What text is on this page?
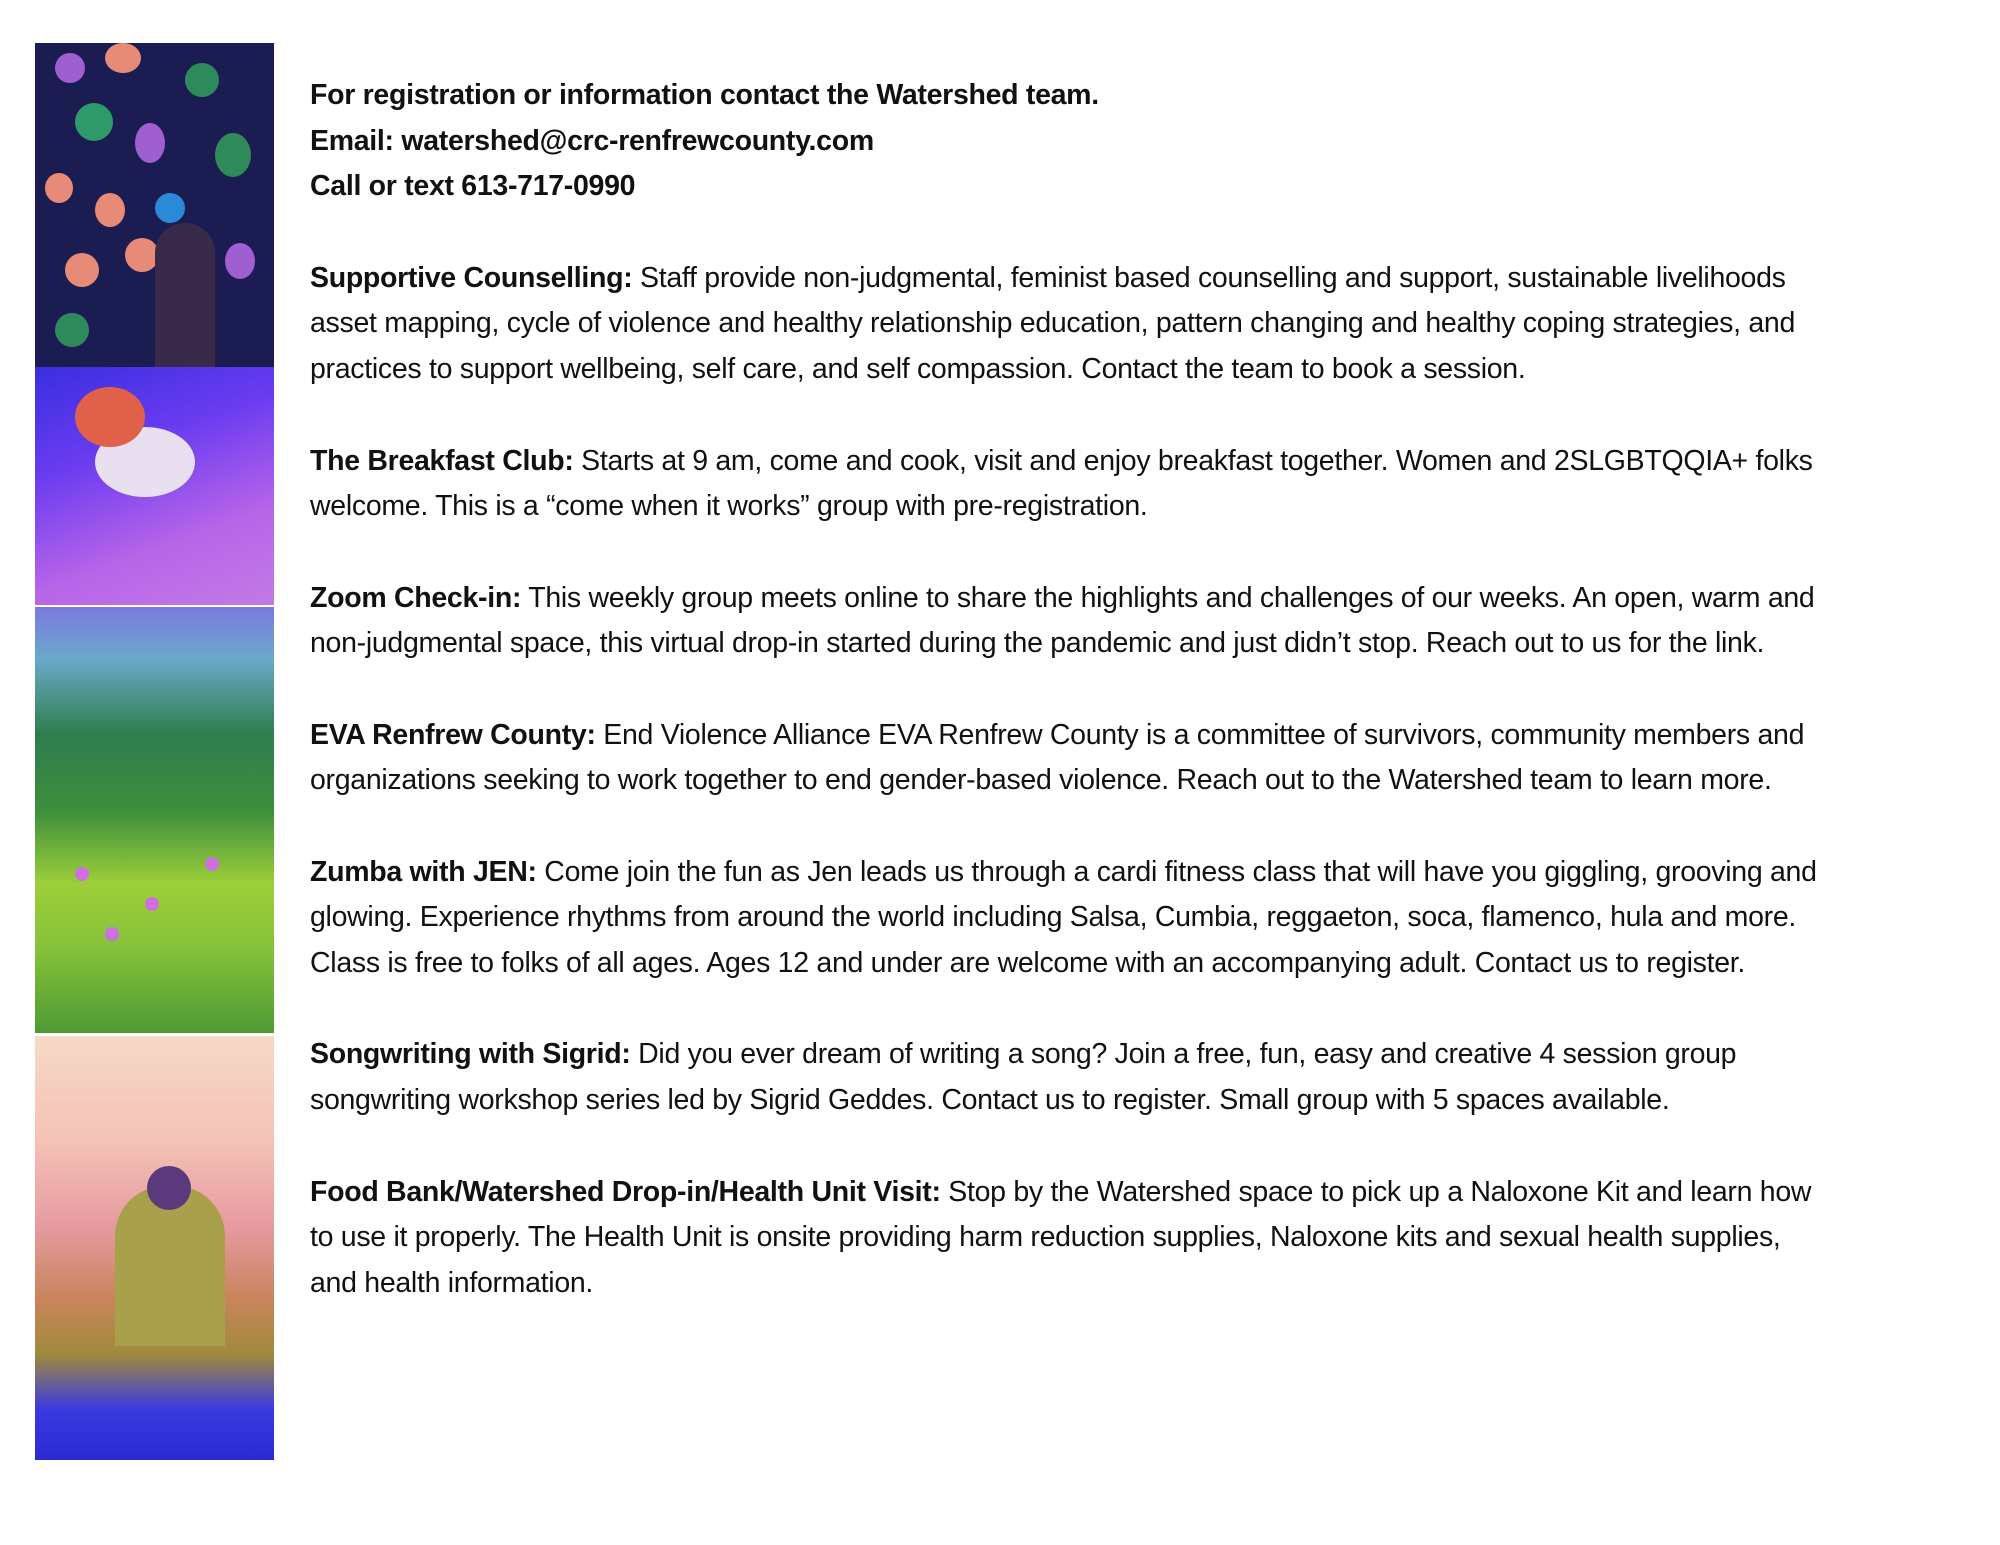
For registration or information contact the Watershed team.
Email: watershed@crc-renfrewcounty.com
Call or text 613-717-0990
Supportive Counselling: Staff provide non-judgmental, feminist based counselling and support, sustainable livelihoods
asset mapping, cycle of violence and healthy relationship education, pattern changing and healthy coping strategies, and
practices to support wellbeing, self care, and self compassion. Contact the team to book a session.
The Breakfast Club: Starts at 9 am, come and cook, visit and enjoy breakfast together. Women and 2SLGBTQQIA+ folks
welcome. This is a “come when it works” group with pre-registration.
Zoom Check-in: This weekly group meets online to share the highlights and challenges of our weeks. An open, warm and
non-judgmental space, this virtual drop-in started during the pandemic and just didn’t stop. Reach out to us for the link.
EVA Renfrew County: End Violence Alliance EVA Renfrew County is a committee of survivors, community members and
organizations seeking to work together to end gender-based violence. Reach out to the Watershed team to learn more.
Zumba with JEN: Come join the fun as Jen leads us through a cardi fitness class that will have you giggling, grooving and
glowing. Experience rhythms from around the world including Salsa, Cumbia, reggaeton, soca, flamenco, hula and more.
Class is free to folks of all ages. Ages 12 and under are welcome with an accompanying adult. Contact us to register.
Songwriting with Sigrid: Did you ever dream of writing a song? Join a free, fun, easy and creative 4 session group
songwriting workshop series led by Sigrid Geddes. Contact us to register. Small group with 5 spaces available.
Food Bank/Watershed Drop-in/Health Unit Visit: Stop by the Watershed space to pick up a Naloxone Kit and learn how
to use it properly. The Health Unit is onsite providing harm reduction supplies, Naloxone kits and sexual health supplies,
and health information.
